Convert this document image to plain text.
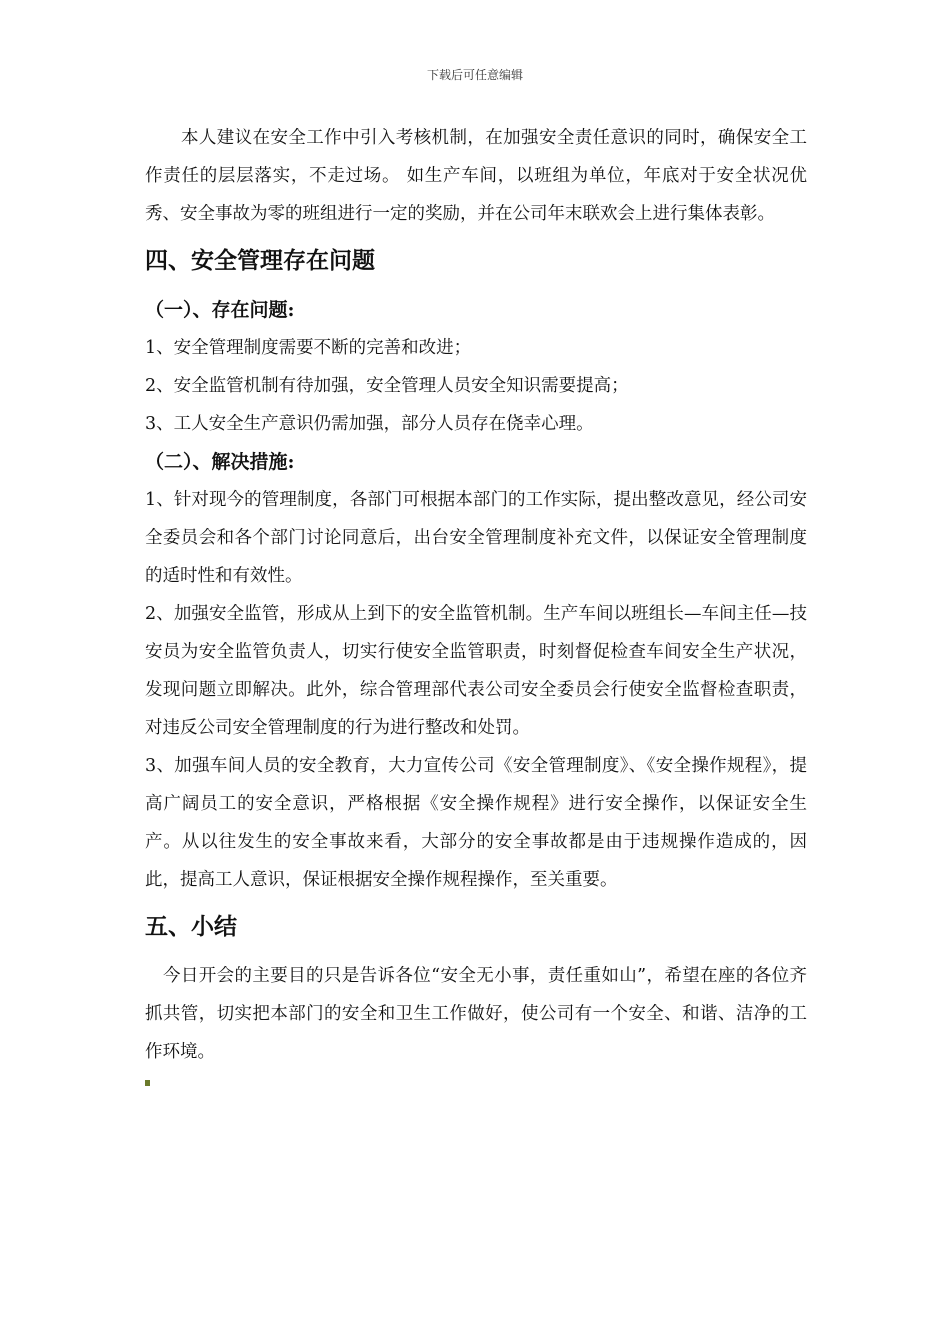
下载后可任意编辑

本人建议在安全工作中引入考核机制，在加强安全责任意识的同时，确保安全工作责任的层层落实，不走过场。 如生产车间，以班组为单位，年底对于安全状况优秀、安全事故为零的班组进行一定的奖励，并在公司年末联欢会上进行集体表彰。

四、安全管理存在问题
（一）、存在问题:

1、安全管理制度需要不断的完善和改进；

2、安全监管机制有待加强，安全管理人员安全知识需要提高；

3、工人安全生产意识仍需加强，部分人员存在侥幸心理。

（二）、解决措施:

1、针对现今的管理制度，各部门可根据本部门的工作实际，提出整改意见，经公司安全委员会和各个部门讨论同意后，出台安全管理制度补充文件，以保证安全管理制度的适时性和有效性。

2、加强安全监管，形成从上到下的安全监管机制。生产车间以班组长—车间主任—技安员为安全监管负责人，切实行使安全监管职责，时刻督促检查车间安全生产状况，发现问题立即解决。此外，综合管理部代表公司安全委员会行使安全监督检查职责，对违反公司安全管理制度的行为进行整改和处罚。

3、加强车间人员的安全教育，大力宣传公司《安全管理制度》、《安全操作规程》，提高广阔员工的安全意识，严格根据《安全操作规程》进行安全操作，以保证安全生产。从以往发生的安全事故来看，大部分的安全事故都是由于违规操作造成的，因此，提高工人意识，保证根据安全操作规程操作，至关重要。

五、小结

今日开会的主要目的只是告诉各位“安全无小事，责任重如山”，希望在座的各位齐抓共管，切实把本部门的安全和卫生工作做好，使公司有一个安全、和谐、洁净的工作环境。
